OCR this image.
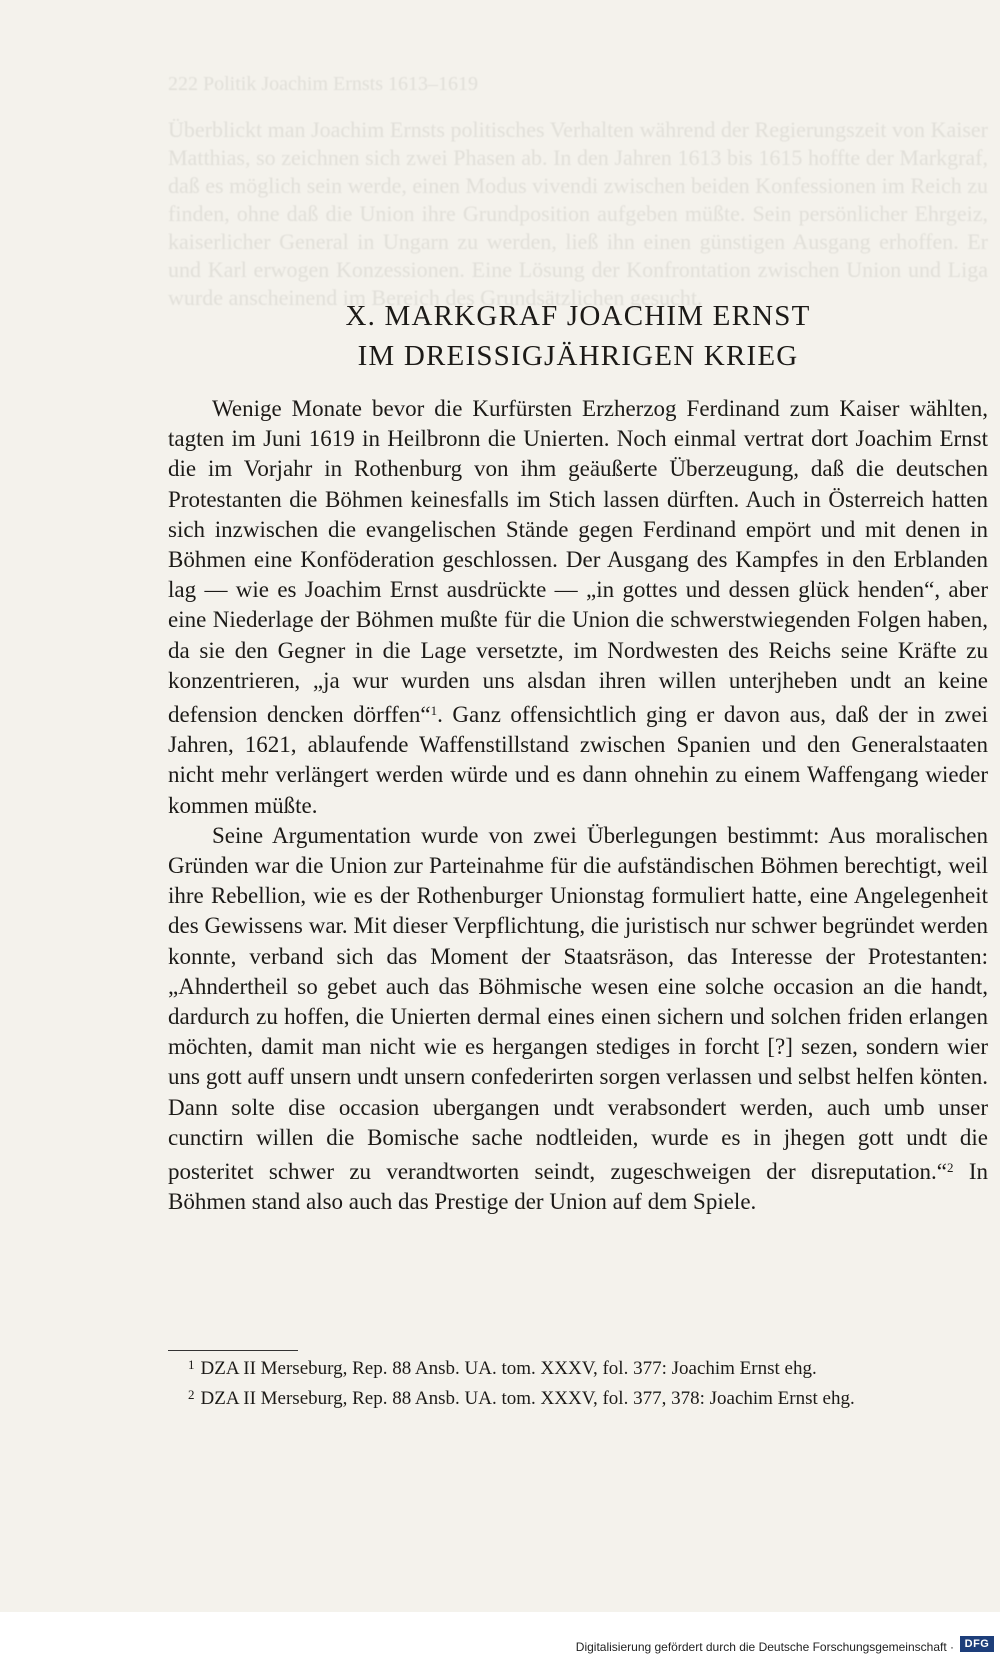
222 Politik Joachim Ernsts 1613–1619
Überblickt man Joachim Ernsts politisches Verhalten während der Regierungszeit von Kaiser Matthias, so zeichnen sich zwei Phasen ab. In den Jahren 1613 bis 1615 hoffte der Markgraf, daß es möglich sein werde, einen Modus vivendi zwischen beiden Konfessionen im Reich zu finden, ohne daß die Union ihre Grundposition aufgeben müßte. Sein persönlicher Ehrgeiz, kaiserlicher General in Ungarn zu werden, ließ ihn einen günstigen Ausgang erhoffen. Er und Karl erwogen Konzessionen. Eine Lösung der Konfrontation zwischen Union und Liga wurde anscheinend im Bereich des Grundsätzlichen gesucht.
X. MARKGRAF JOACHIM ERNST
IM DREISSIGJÄHRIGEN KRIEG

Wenige Monate bevor die Kurfürsten Erzherzog Ferdinand zum Kaiser wählten, tagten im Juni 1619 in Heilbronn die Unierten. Noch einmal vertrat dort Joachim Ernst die im Vorjahr in Rothenburg von ihm geäußerte Überzeugung, daß die deutschen Protestanten die Böhmen keinesfalls im Stich lassen dürften. Auch in Österreich hatten sich inzwischen die evangelischen Stände gegen Ferdinand empört und mit denen in Böhmen eine Konföderation geschlossen. Der Ausgang des Kampfes in den Erblanden lag — wie es Joachim Ernst ausdrückte — „in gottes und dessen glück henden“, aber eine Niederlage der Böhmen mußte für die Union die schwerstwiegenden Folgen haben, da sie den Gegner in die Lage versetzte, im Nordwesten des Reichs seine Kräfte zu konzentrieren, „ja wur wurden uns alsdan ihren willen unterjheben undt an keine defension dencken dörffen“$^1$. Ganz offensichtlich ging er davon aus, daß der in zwei Jahren, 1621, ablaufende Waffenstillstand zwischen Spanien und den Generalstaaten nicht mehr verlängert werden würde und es dann ohnehin zu einem Waffengang wieder kommen müßte.

Seine Argumentation wurde von zwei Überlegungen bestimmt: Aus moralischen Gründen war die Union zur Parteinahme für die aufständischen Böhmen berechtigt, weil ihre Rebellion, wie es der Rothenburger Unionstag formuliert hatte, eine Angelegenheit des Gewissens war. Mit dieser Verpflichtung, die juristisch nur schwer begründet werden konnte, verband sich das Moment der Staatsräson, das Interesse der Protestanten: „Ahndertheil so gebet auch das Böhmische wesen eine solche occasion an die handt, dardurch zu hoffen, die Unierten dermal eines einen sichern und solchen friden erlangen möchten, damit man nicht wie es hergangen stediges in forcht [?] sezen, sondern wier uns gott auff unsern undt unsern confederirten sorgen verlassen und selbst helfen könten. Dann solte dise occasion ubergangen undt verabsondert werden, auch umb unser cunctirn willen die Bomische sache nodtleiden, wurde es in jhegen gott undt die posteritet schwer zu verandtworten seindt, zugeschweigen der disreputation.“$^2$ In Böhmen stand also auch das Prestige der Union auf dem Spiele.

$^1$ DZA II Merseburg, Rep. 88 Ansb. UA. tom. XXXV, fol. 377: Joachim Ernst ehg.

$^2$ DZA II Merseburg, Rep. 88 Ansb. UA. tom. XXXV, fol. 377, 378: Joachim Ernst ehg.

Digitalisierung gefördert durch die Deutsche Forschungsgemeinschaft · DFG
